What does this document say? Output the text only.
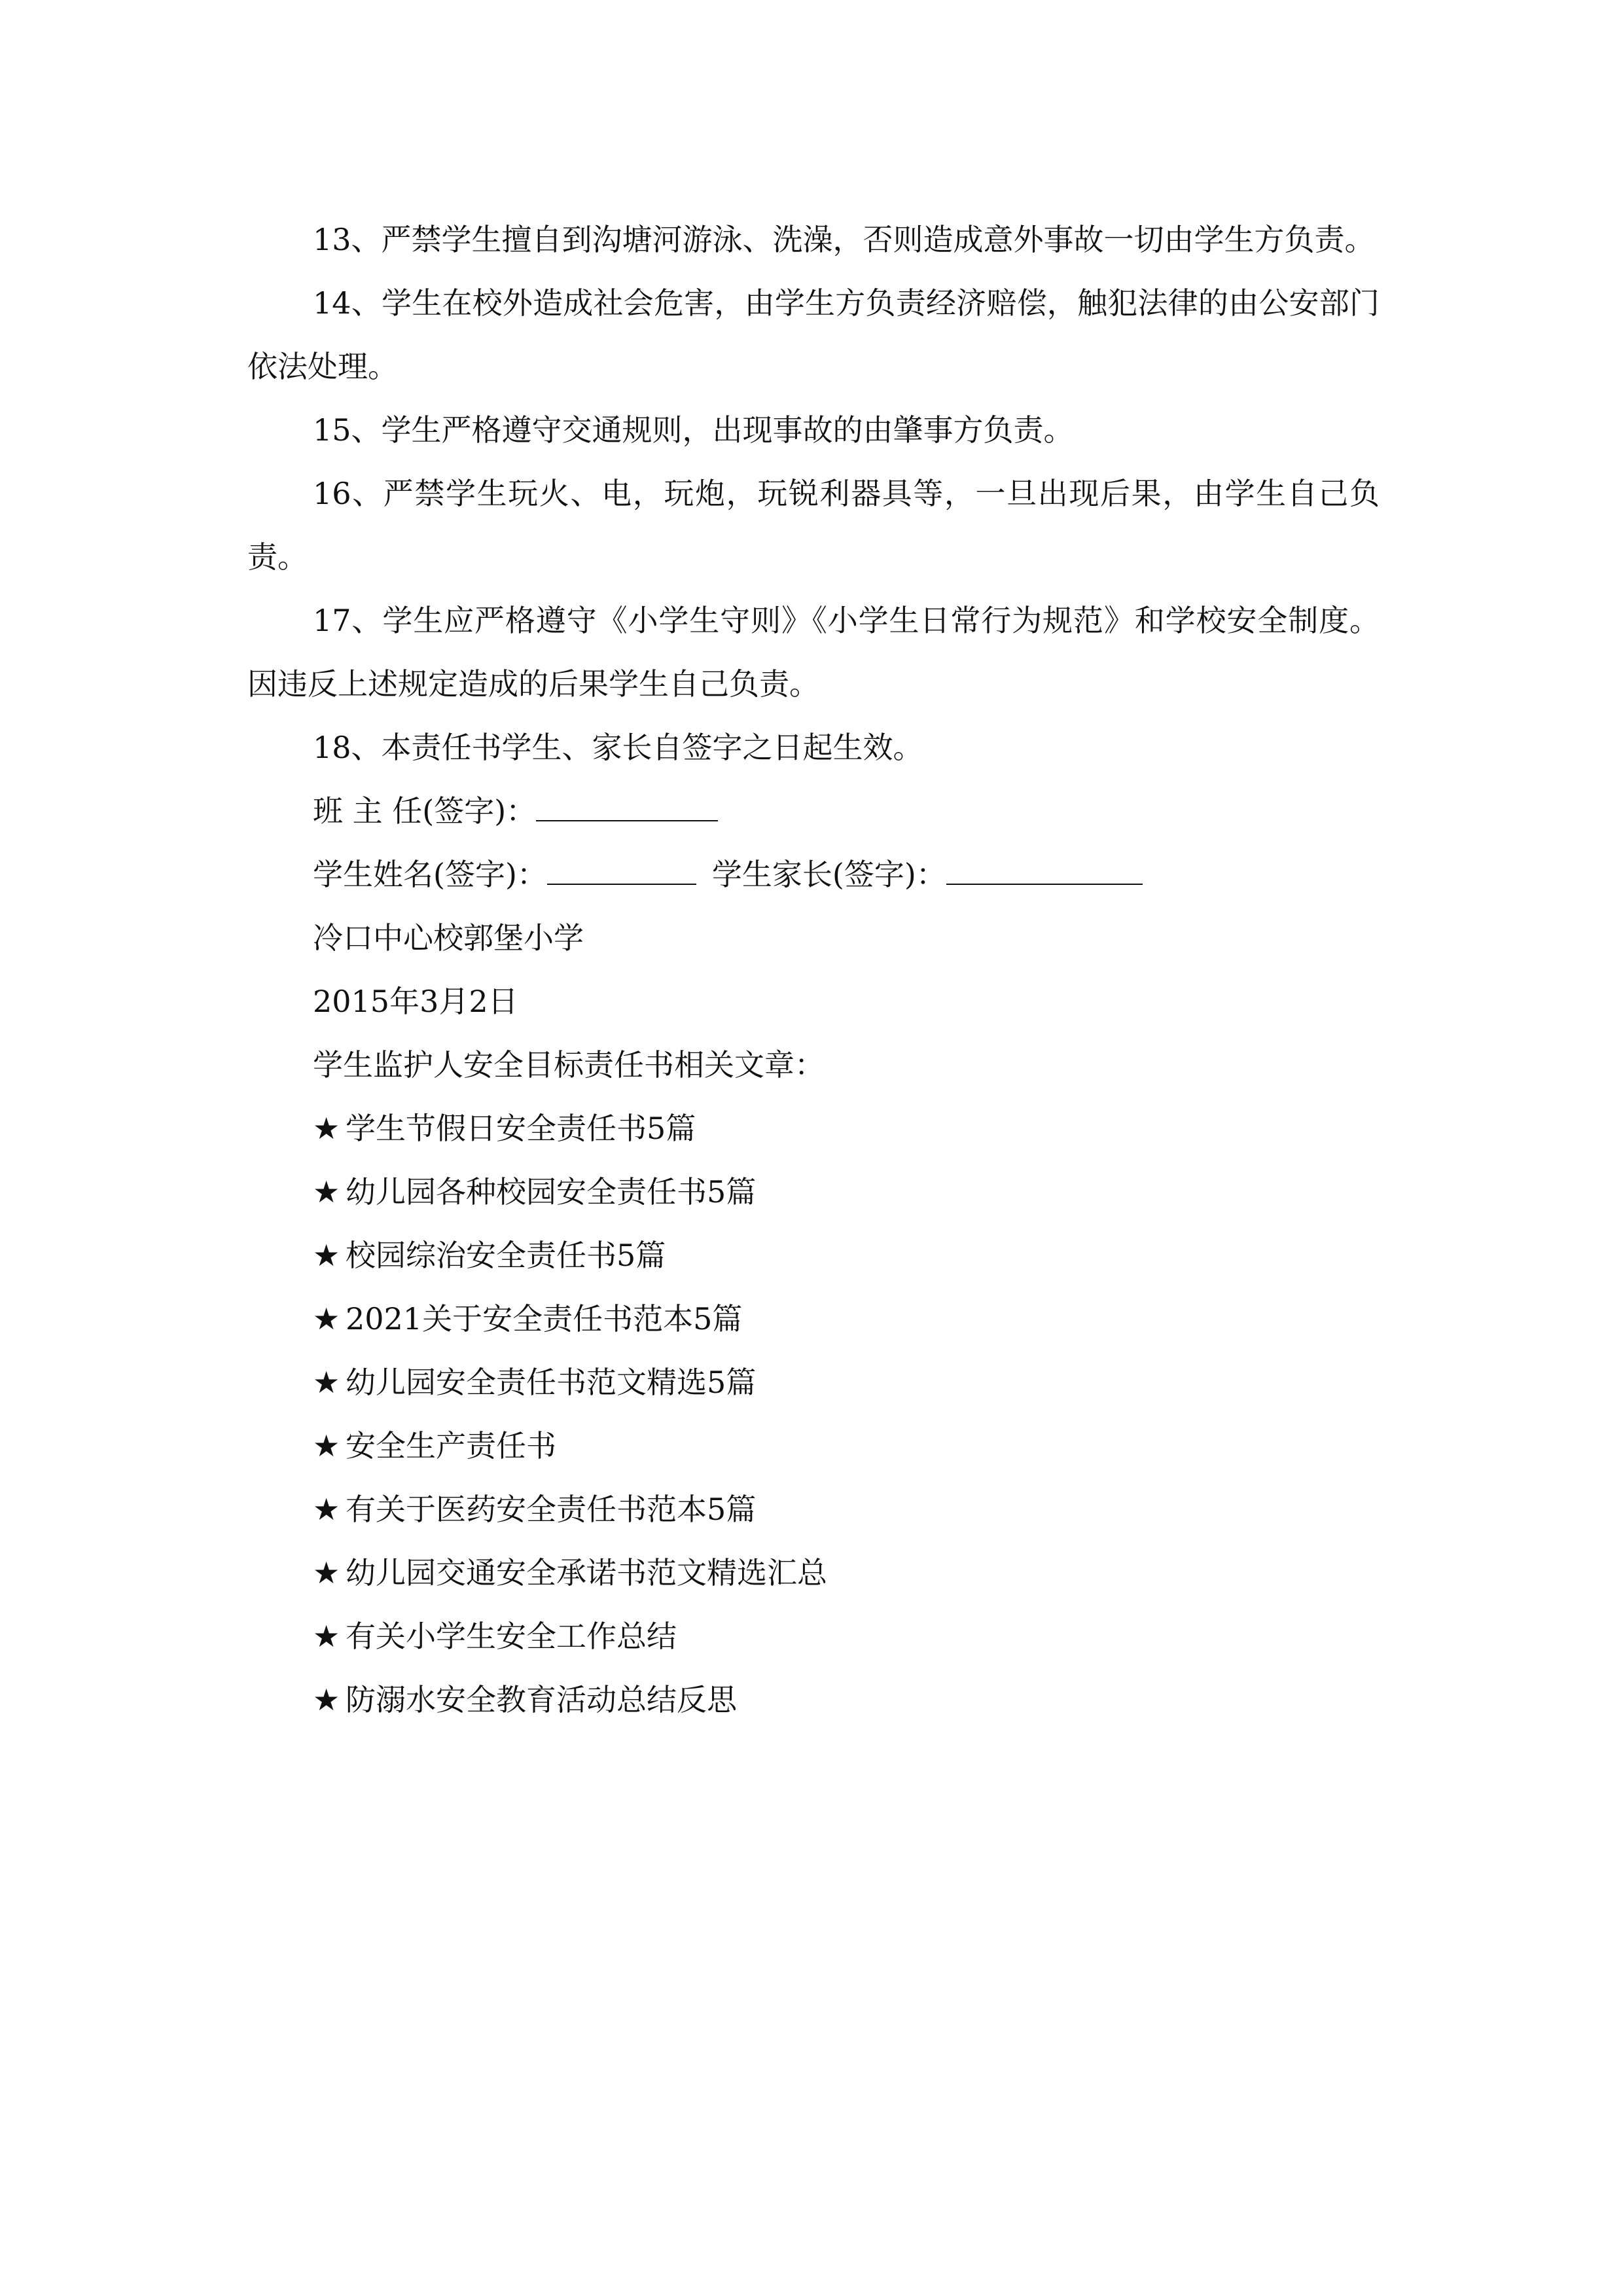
13、严禁学生擅自到沟塘河游泳、洗澡，否则造成意外事故一切由学生方负责。

14、学生在校外造成社会危害，由学生方负责经济赔偿，触犯法律的由公安部门依法处理。

15、学生严格遵守交通规则，出现事故的由肇事方负责。

16、严禁学生玩火、电，玩炮，玩锐利器具等，一旦出现后果，由学生自己负责。

17、学生应严格遵守《小学生守则》《小学生日常行为规范》和学校安全制度。因违反上述规定造成的后果学生自己负责。

18、本责任书学生、家长自签字之日起生效。

班 主 任(签字)：

学生姓名(签字)：	学生家长(签字)：

冷口中心校郭堡小学

2015年3月2日

学生监护人安全目标责任书相关文章：

★ 学生节假日安全责任书5篇
★ 幼儿园各种校园安全责任书5篇
★ 校园综治安全责任书5篇
★ 2021关于安全责任书范本5篇
★ 幼儿园安全责任书范文精选5篇
★ 安全生产责任书
★ 有关于医药安全责任书范本5篇
★ 幼儿园交通安全承诺书范文精选汇总
★ 有关小学生安全工作总结
★ 防溺水安全教育活动总结反思
